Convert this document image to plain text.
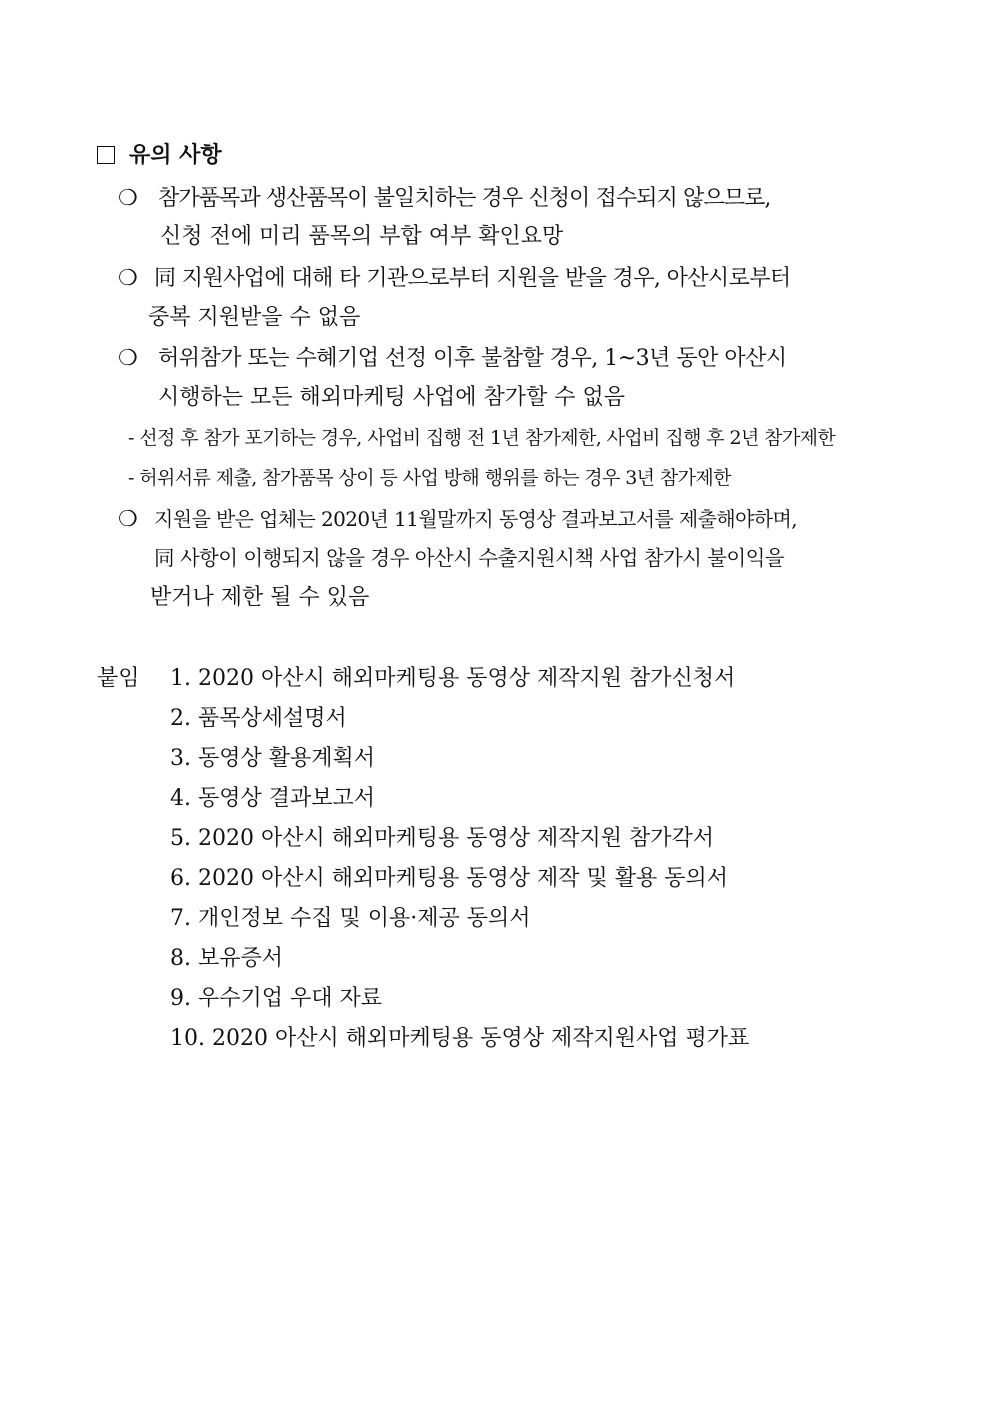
유의 사항
❍ 참가품목과 생산품목이 불일치하는 경우 신청이 접수되지 않으므로,
신청 전에 미리 품목의 부합 여부 확인요망
❍ 同 지원사업에 대해 타 기관으로부터 지원을 받을 경우, 아산시로부터
중복 지원받을 수 없음
❍ 허위참가 또는 수혜기업 선정 이후 불참할 경우, 1~3년 동안 아산시
시행하는 모든 해외마케팅 사업에 참가할 수 없음
- 선정 후 참가 포기하는 경우, 사업비 집행 전 1년 참가제한, 사업비 집행 후 2년 참가제한
- 허위서류 제출, 참가품목 상이 등 사업 방해 행위를 하는 경우 3년 참가제한
❍ 지원을 받은 업체는 2020년 11월말까지 동영상 결과보고서를 제출해야하며,
同 사항이 이행되지 않을 경우 아산시 수출지원시책 사업 참가시 불이익을
받거나 제한 될 수 있음
붙임 1. 2020 아산시 해외마케팅용 동영상 제작지원 참가신청서
2. 품목상세설명서
3. 동영상 활용계획서
4. 동영상 결과보고서
5. 2020 아산시 해외마케팅용 동영상 제작지원 참가각서
6. 2020 아산시 해외마케팅용 동영상 제작 및 활용 동의서
7. 개인정보 수집 및 이용·제공 동의서
8. 보유증서
9. 우수기업 우대 자료
10. 2020 아산시 해외마케팅용 동영상 제작지원사업 평가표
